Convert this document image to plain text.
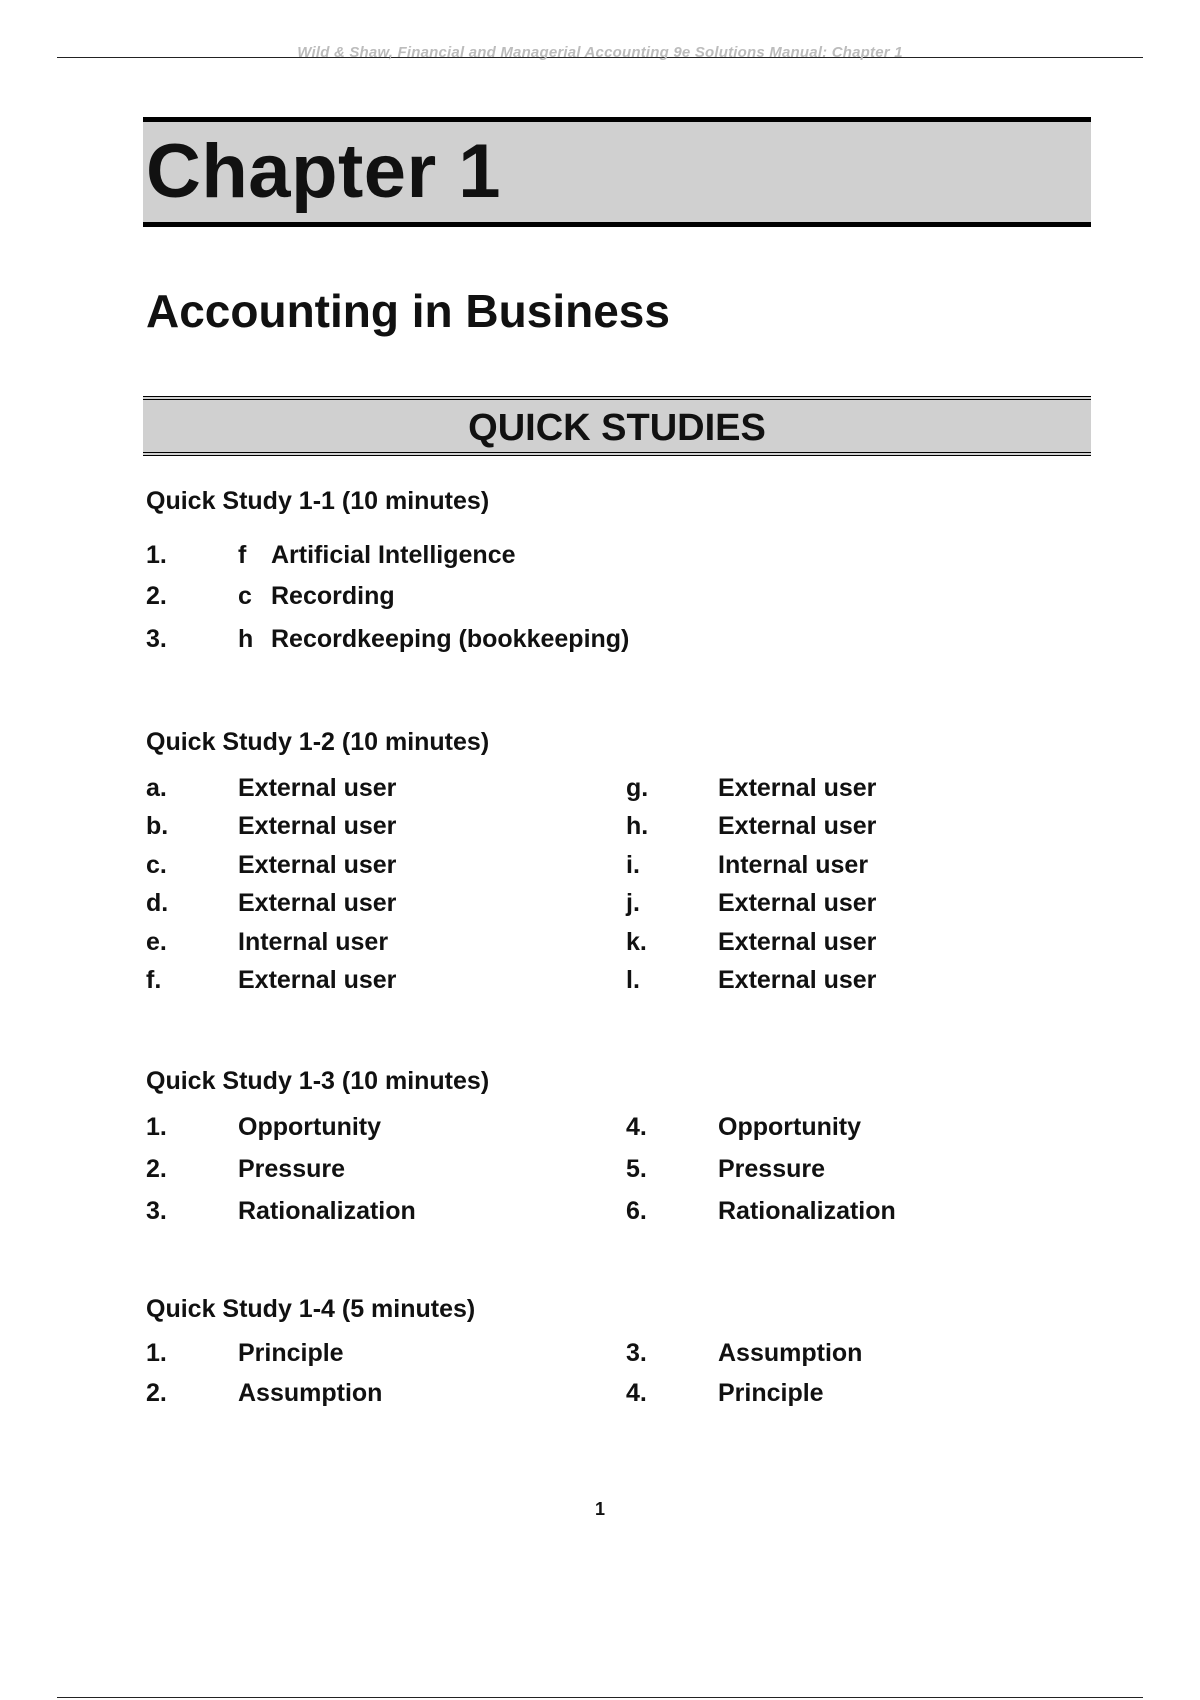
Wild & Shaw, Financial and Managerial Accounting 9e Solutions Manual: Chapter 1
Chapter 1
Accounting in Business
QUICK STUDIES
Quick Study 1-1 (10 minutes)
1.	f Artificial Intelligence
2.	c Recording
3.	h Recordkeeping (bookkeeping)
Quick Study 1-2 (10 minutes)
a.	External user
b.	External user
c.	External user
d.	External user
e.	Internal user
f.	External user
g.	External user
h.	External user
i.	Internal user
j.	External user
k.	External user
l.	External user
Quick Study 1-3 (10 minutes)
1.	Opportunity
2.	Pressure
3.	Rationalization
4.	Opportunity
5.	Pressure
6.	Rationalization
Quick Study 1-4 (5 minutes)
1.	Principle
2.	Assumption
3.	Assumption
4.	Principle
1
